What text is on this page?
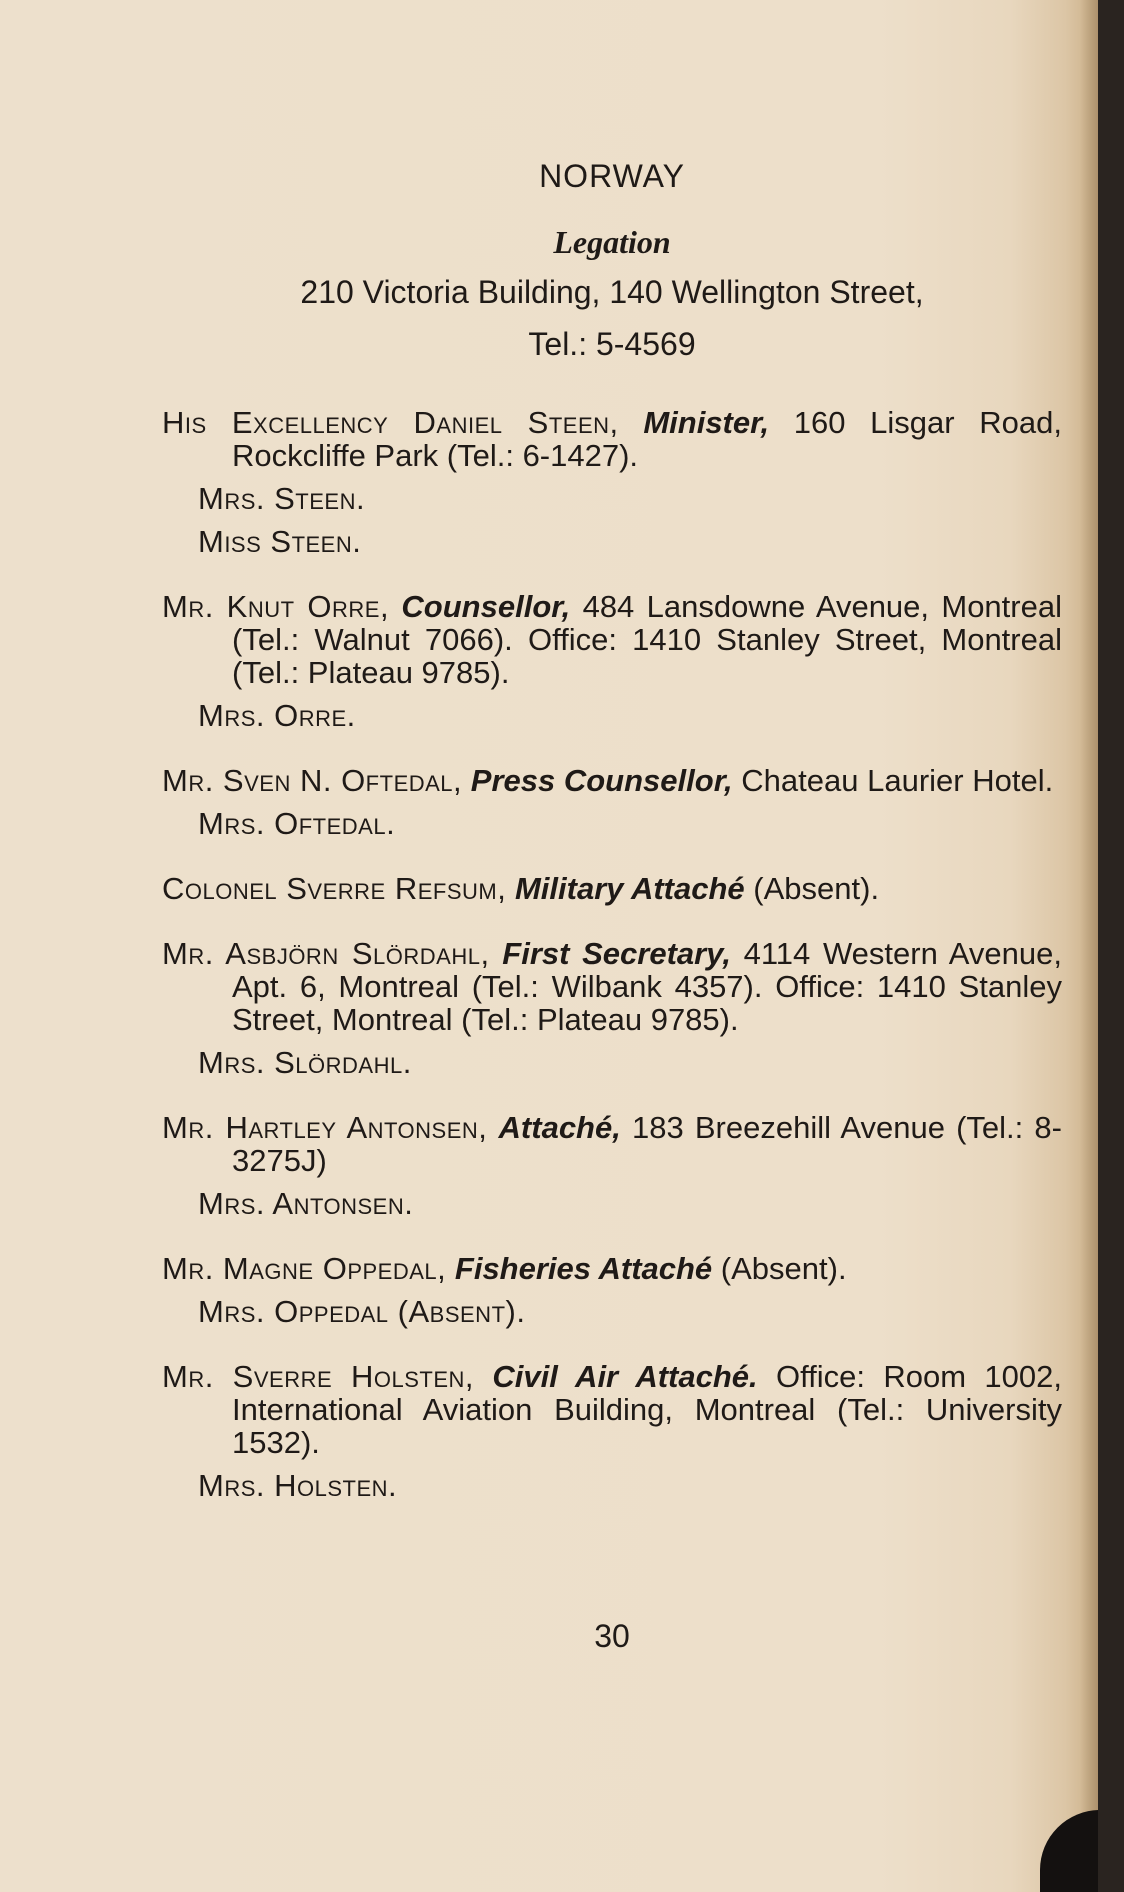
NORWAY
Legation
210 Victoria Building, 140 Wellington Street,
Tel.: 5-4569

His Excellency Daniel Steen, Minister, 160 Lisgar Road, Rockcliffe Park (Tel.: 6-1427).

Mrs. Steen.
Miss Steen.

Mr. Knut Orre, Counsellor, 484 Lansdowne Avenue, Montreal (Tel.: Walnut 7066). Office: 1410 Stanley Street, Montreal (Tel.: Plateau 9785).

Mrs. Orre.

Mr. Sven N. Oftedal, Press Counsellor, Chateau Laurier Hotel.

Mrs. Oftedal.

Colonel Sverre Refsum, Military Attaché (Absent).

Mr. Asbjörn Slördahl, First Secretary, 4114 Western Avenue, Apt. 6, Montreal (Tel.: Wilbank 4357). Office: 1410 Stanley Street, Montreal (Tel.: Plateau 9785).

Mrs. Slördahl.

Mr. Hartley Antonsen, Attaché, 183 Breezehill Avenue (Tel.: 8-3275J)

Mrs. Antonsen.

Mr. Magne Oppedal, Fisheries Attaché (Absent).

Mrs. Oppedal (Absent).

Mr. Sverre Holsten, Civil Air Attaché. Office: Room 1002, International Aviation Building, Montreal (Tel.: University 1532).

Mrs. Holsten.
30
